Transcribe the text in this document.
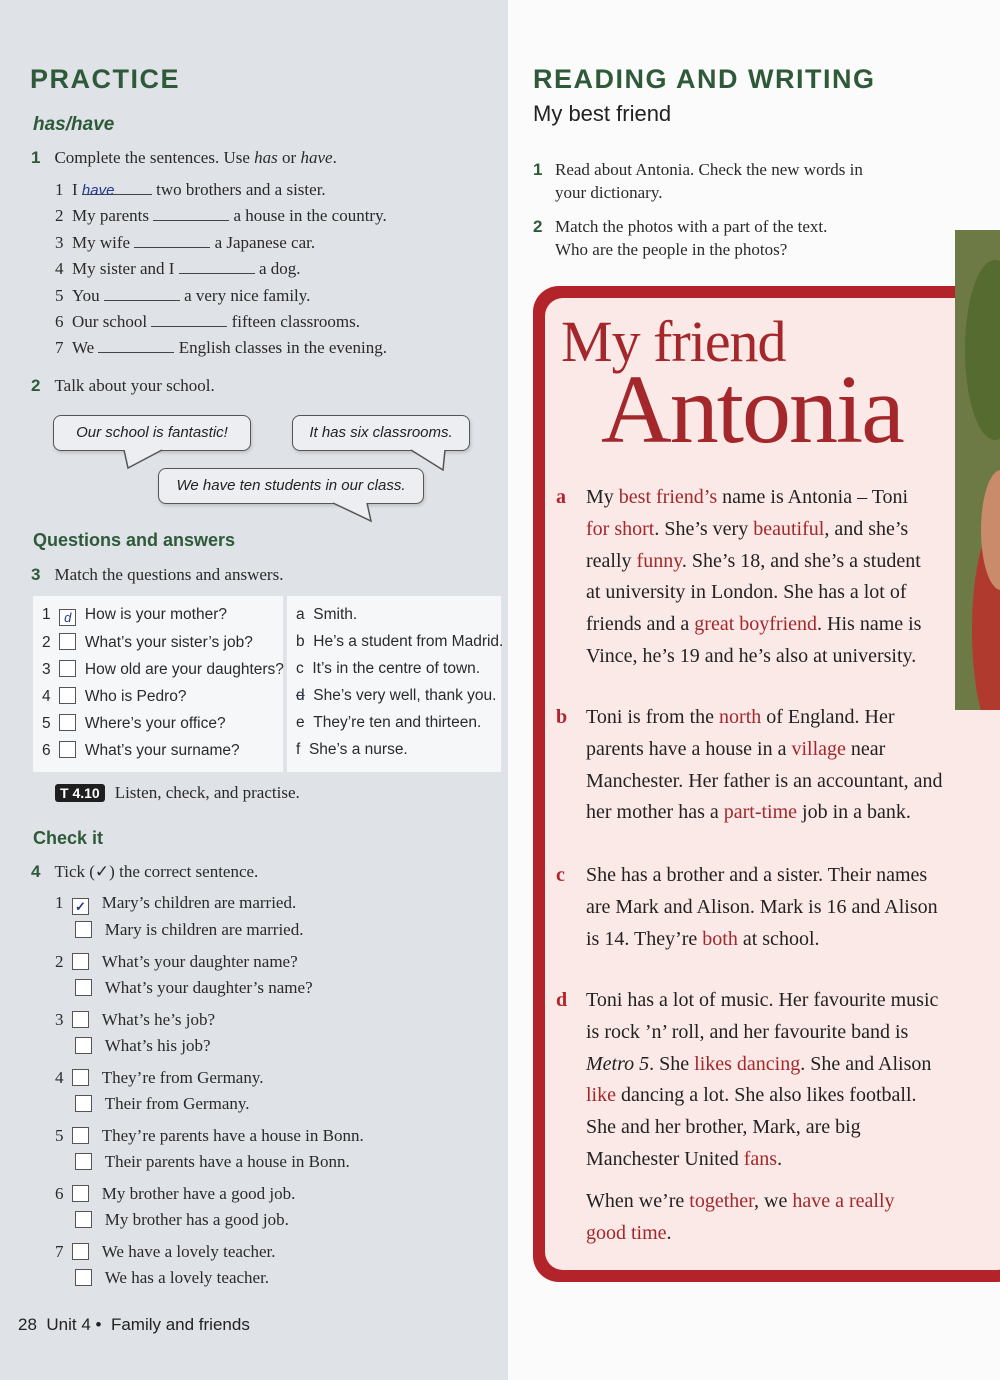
PRACTICE
has/have
1 Complete the sentences. Use has or have.
1 I have two brothers and a sister.
2 My parents	a house in the country.
3 My wife	a Japanese car.
4 My sister and I	a dog.
5 You	a very nice family.
6 Our school	fifteen classrooms.
7 We	English classes in the evening.
2 Talk about your school.
Our school is fantastic!	It has six classrooms.
We have ten students in our class.
Questions and answers
3 Match the questions and answers.
1 d How is your mother?
2 What’s your sister’s job?
3 How old are your daughters?
4 Who is Pedro?
5 Where’s your office?
6 What’s your surname?
a Smith.
b He’s a student from Madrid.
c It’s in the centre of town.
d She’s very well, thank you.
e They’re ten and thirteen.
f She’s a nurse.
T 4.10 Listen, check, and practise.
Check it
4 Tick (✓) the correct sentence.
1 ✓ Mary’s children are married.
Mary is children are married.
2 What’s your daughter name?
What’s your daughter’s name?
3 What’s he’s job?
What’s his job?
4 They’re from Germany.
Their from Germany.
5 They’re parents have a house in Bonn.
Their parents have a house in Bonn.
6 My brother have a good job.
My brother has a good job.
7 We have a lovely teacher.
We has a lovely teacher.
28 Unit 4 • Family and friends
READING AND WRITING
My best friend
1 Read about Antonia. Check the new words in
your dictionary.
2 Match the photos with a part of the text.
Who are the people in the photos?
My friend
Antonia
a My best friend’s name is Antonia – Toni
for short. She’s very beautiful, and she’s
really funny. She’s 18, and she’s a student
at university in London. She has a lot of
friends and a great boyfriend. His name is
Vince, he’s 19 and he’s also at university.
b Toni is from the north of England. Her
parents have a house in a village near
Manchester. Her father is an accountant, and
her mother has a part-time job in a bank.
c She has a brother and a sister. Their names
are Mark and Alison. Mark is 16 and Alison
is 14. They’re both at school.
d Toni has a lot of music. Her favourite music
is rock ’n’ roll, and her favourite band is
Metro 5. She likes dancing. She and Alison
like dancing a lot. She also likes football.
She and her brother, Mark, are big
Manchester United fans.
When we’re together, we have a really
good time.
